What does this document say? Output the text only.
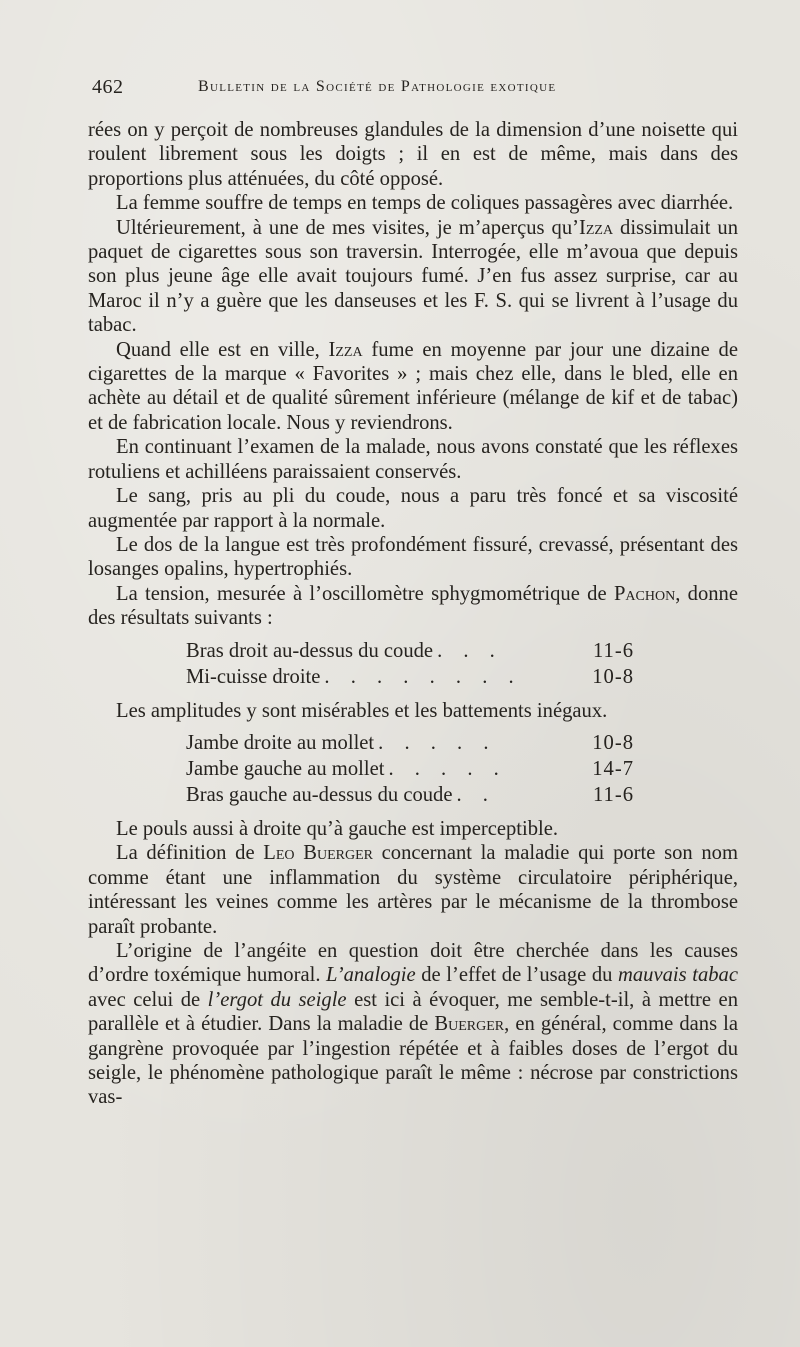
462	Bulletin de la Société de Pathologie exotique

rées on y perçoit de nombreuses glandules de la dimension d’une noisette qui roulent librement sous les doigts ; il en est de même, mais dans des proportions plus atténuées, du côté opposé.

La femme souffre de temps en temps de coliques passagères avec diarrhée.

Ultérieurement, à une de mes visites, je m’aperçus qu’Izza dissimulait un paquet de cigarettes sous son traversin. Interrogée, elle m’avoua que depuis son plus jeune âge elle avait toujours fumé. J’en fus assez surprise, car au Maroc il n’y a guère que les danseuses et les F. S. qui se livrent à l’usage du tabac.

Quand elle est en ville, Izza fume en moyenne par jour une dizaine de cigarettes de la marque « Favorites » ; mais chez elle, dans le bled, elle en achète au détail et de qualité sûrement inférieure (mélange de kif et de tabac) et de fabrication locale. Nous y reviendrons.

En continuant l’examen de la malade, nous avons constaté que les réflexes rotuliens et achilléens paraissaient conservés.

Le sang, pris au pli du coude, nous a paru très foncé et sa viscosité augmentée par rapport à la normale.

Le dos de la langue est très profondément fissuré, crevassé, présentant des losanges opalins, hypertrophiés.

La tension, mesurée à l’oscillomètre sphygmométrique de Pachon, donne des résultats suivants :

Bras droit au-dessus du coude . . .	11-6
Mi-cuisse droite . . . . . . . .	10-8

Les amplitudes y sont misérables et les battements inégaux.

Jambe droite au mollet . . . . .	10-8
Jambe gauche au mollet . . . . .	14-7
Bras gauche au-dessus du coude . .	11-6

Le pouls aussi à droite qu’à gauche est imperceptible.

La définition de Leo Buerger concernant la maladie qui porte son nom comme étant une inflammation du système circulatoire périphérique, intéressant les veines comme les artères par le mécanisme de la thrombose paraît probante.

L’origine de l’angéite en question doit être cherchée dans les causes d’ordre toxémique humoral. L’analogie de l’effet de l’usage du mauvais tabac avec celui de l’ergot du seigle est ici à évoquer, me semble-t-il, à mettre en parallèle et à étudier. Dans la maladie de Buerger, en général, comme dans la gangrène provoquée par l’ingestion répétée et à faibles doses de l’ergot du seigle, le phénomène pathologique paraît le même : nécrose par constrictions vas-
